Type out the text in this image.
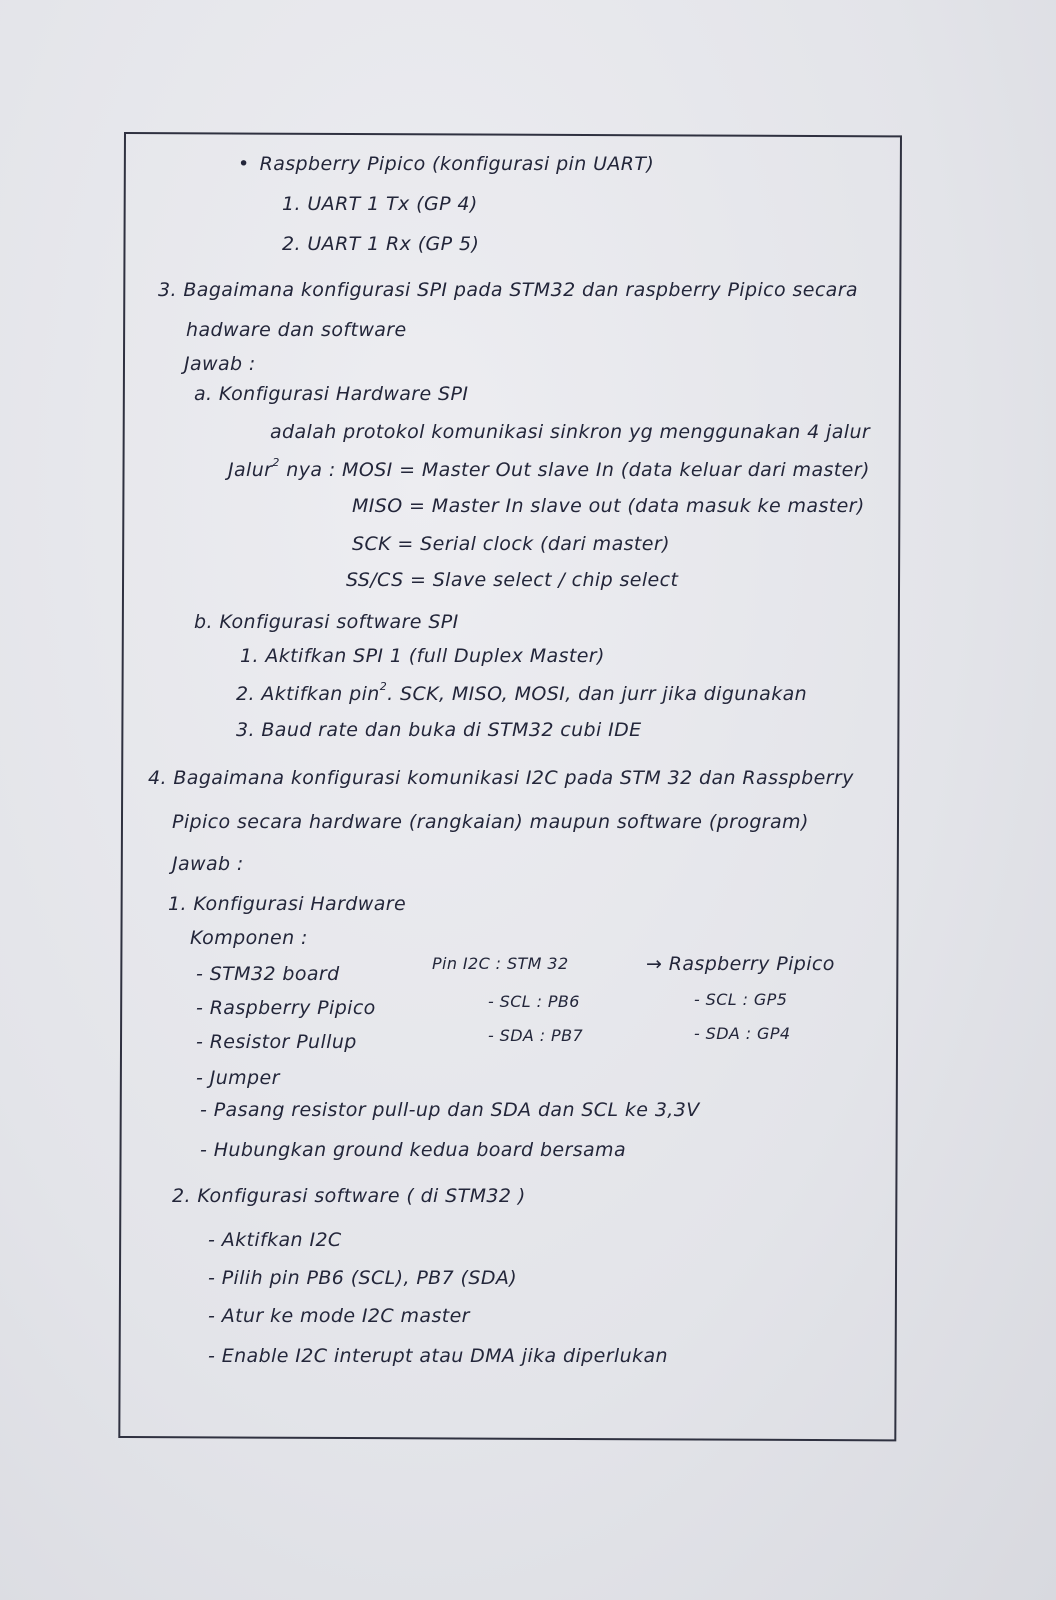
• Raspberry Pipico (konfigurasi pin UART)
1. UART 1 Tx (GP 4)
2. UART 1 Rx (GP 5)
3. Bagaimana konfigurasi SPI pada STM32 dan raspberry Pipico secara
hadware dan software
Jawab :
a. Konfigurasi Hardware SPI
adalah protokol komunikasi sinkron yg menggunakan 4 jalur
Jalur$^2$ nya : MOSI = Master Out slave In (data keluar dari master)
MISO = Master In slave out (data masuk ke master)
SCK = Serial clock (dari master)
SS/CS = Slave select / chip select
b. Konfigurasi software SPI
1. Aktifkan SPI 1 (full Duplex Master)
2. Aktifkan pin$^2$. SCK, MISO, MOSI, dan jurr jika digunakan
3. Baud rate dan buka di STM32 cubi IDE
4. Bagaimana konfigurasi komunikasi I2C pada STM 32 dan Rasspberry
Pipico secara hardware (rangkaian) maupun software (program)
Jawab :
1. Konfigurasi Hardware
Komponen :
- STM32 board
- Raspberry Pipico
- Resistor Pullup
- Jumper
Pin I2C : STM 32	→ Raspberry Pipico
- SCL : PB6
- SDA : PB7
- SCL : GP5
- SDA : GP4
- Pasang resistor pull-up dan SDA dan SCL ke 3,3V
- Hubungkan ground kedua board bersama
2. Konfigurasi software ( di STM32 )
- Aktifkan I2C
- Pilih pin PB6 (SCL), PB7 (SDA)
- Atur ke mode I2C master
- Enable I2C interupt atau DMA jika diperlukan
